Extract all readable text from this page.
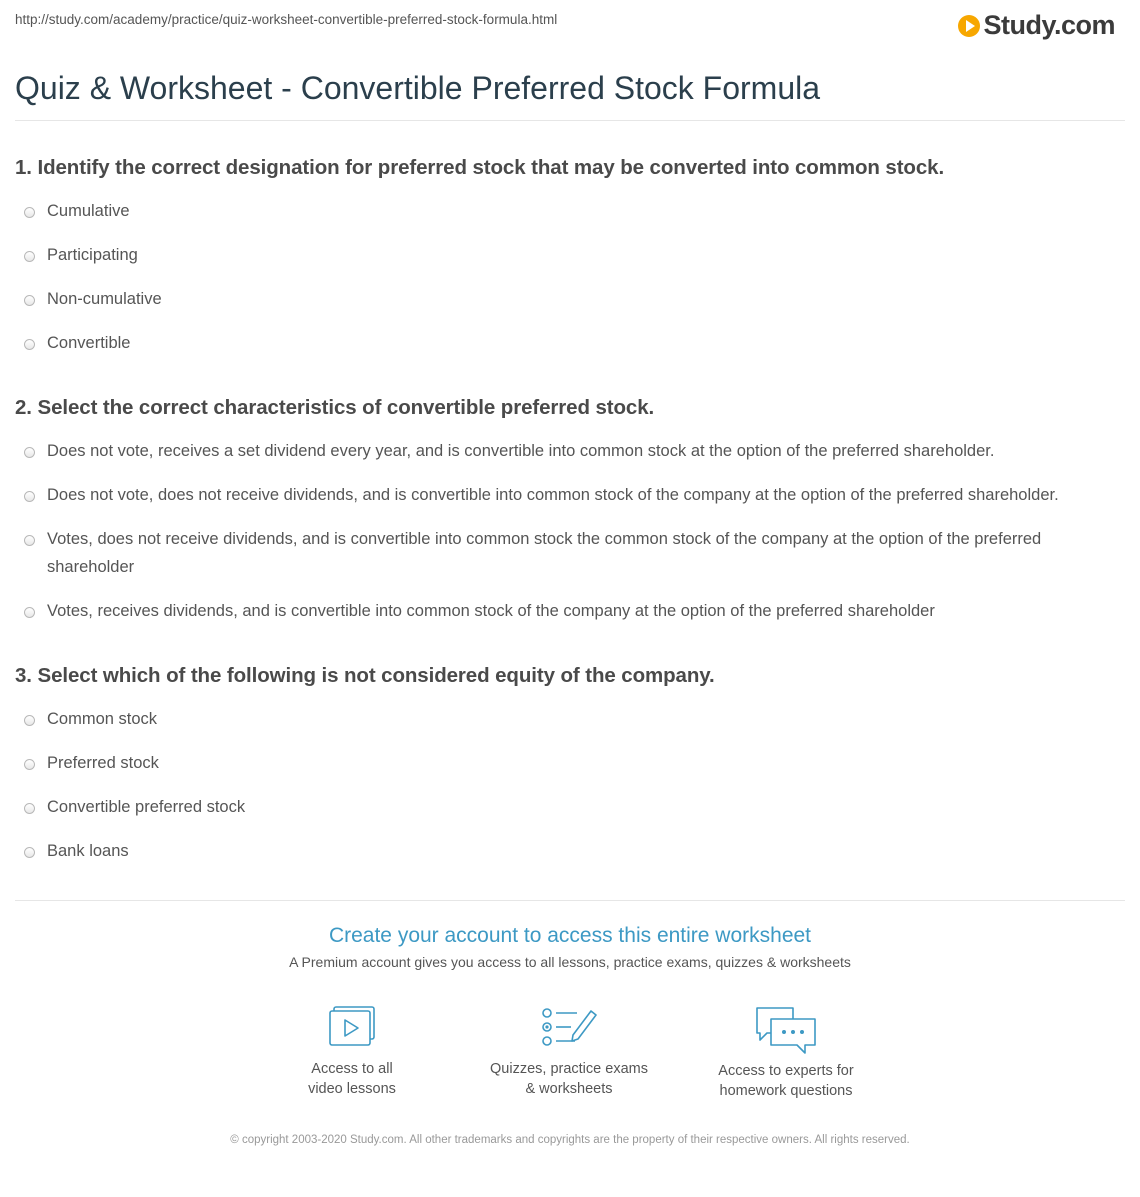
http://study.com/academy/practice/quiz-worksheet-convertible-preferred-stock-formula.html	Study.com
Quiz & Worksheet - Convertible Preferred Stock Formula
1. Identify the correct designation for preferred stock that may be converted into common stock.
Cumulative
Participating
Non-cumulative
Convertible
2. Select the correct characteristics of convertible preferred stock.
Does not vote, receives a set dividend every year, and is convertible into common stock at the option of the preferred shareholder.
Does not vote, does not receive dividends, and is convertible into common stock of the company at the option of the preferred shareholder.
Votes, does not receive dividends, and is convertible into common stock the common stock of the company at the option of the preferred shareholder
Votes, receives dividends, and is convertible into common stock of the company at the option of the preferred shareholder
3. Select which of the following is not considered equity of the company.
Common stock
Preferred stock
Convertible preferred stock
Bank loans
Create your account to access this entire worksheet
A Premium account gives you access to all lessons, practice exams, quizzes & worksheets
Access to all
video lessons
Quizzes, practice exams
& worksheets
Access to experts for
homework questions
© copyright 2003-2020 Study.com. All other trademarks and copyrights are the property of their respective owners. All rights reserved.
